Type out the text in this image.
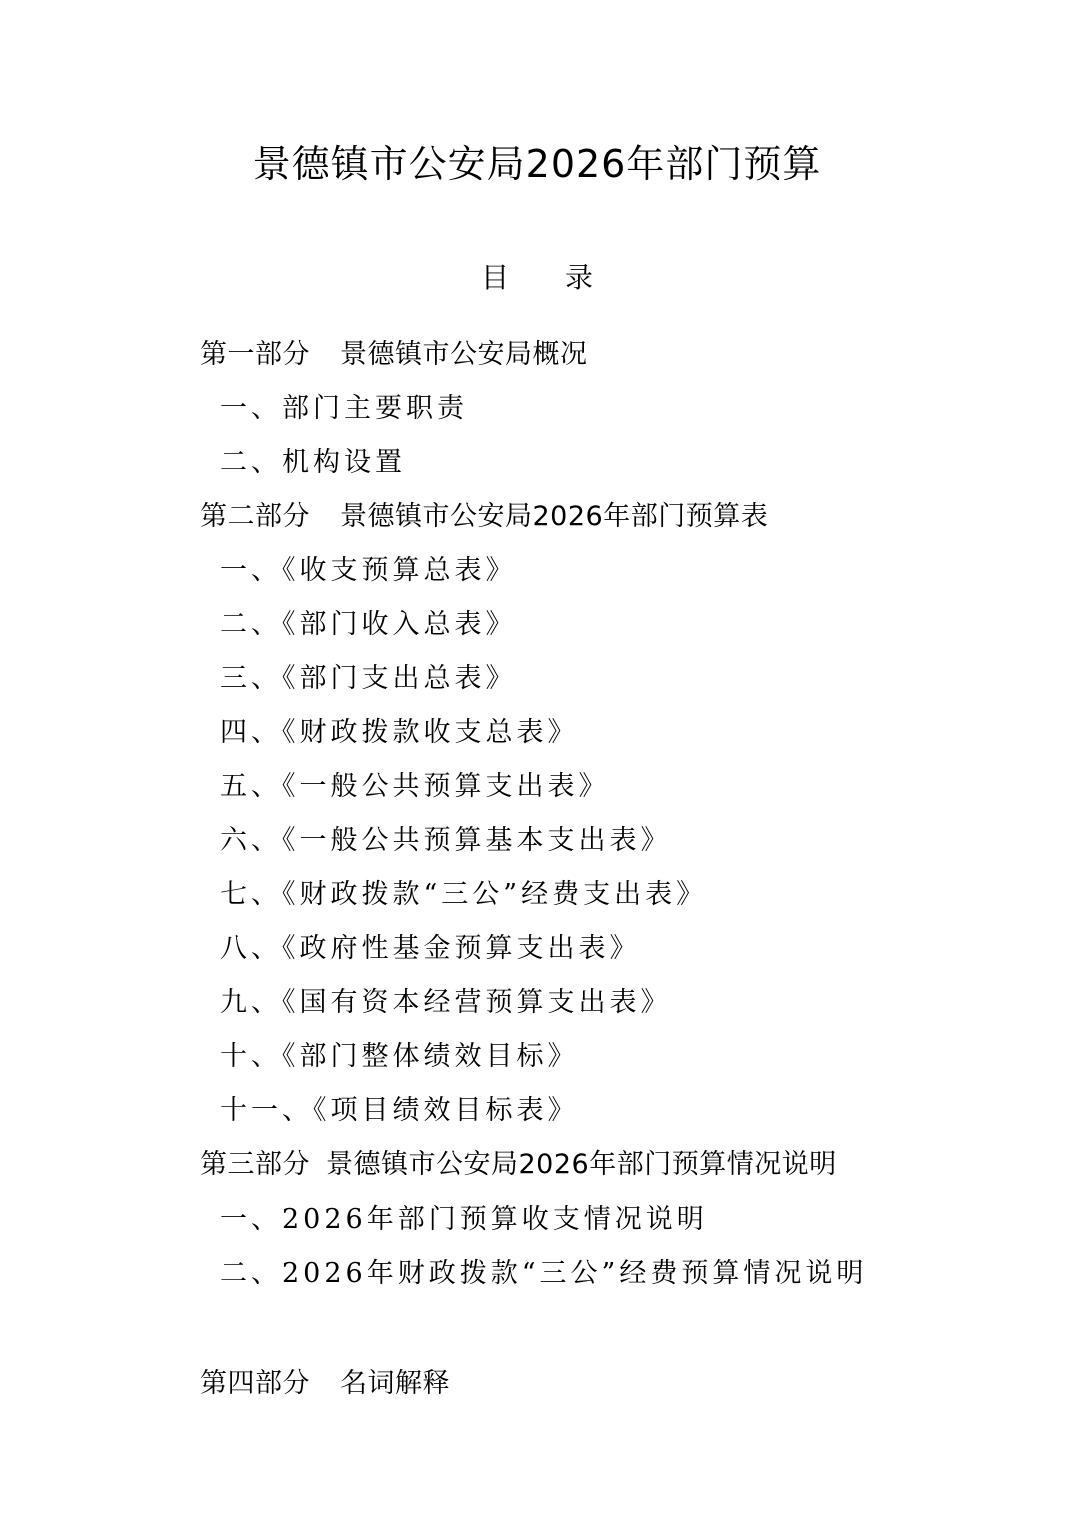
景德镇市公安局2026年部门预算
目 录
第一部分 景德镇市公安局概况
一、部门主要职责
二、机构设置
第二部分 景德镇市公安局2026年部门预算表
一、《收支预算总表》
二、《部门收入总表》
三、《部门支出总表》
四、《财政拨款收支总表》
五、《一般公共预算支出表》
六、《一般公共预算基本支出表》
七、《财政拨款“三公”经费支出表》
八、《政府性基金预算支出表》
九、《国有资本经营预算支出表》
十、《部门整体绩效目标》
十一、《项目绩效目标表》
第三部分 景德镇市公安局2026年部门预算情况说明
一、2026年部门预算收支情况说明
二、2026年财政拨款“三公”经费预算情况说明
第四部分 名词解释
